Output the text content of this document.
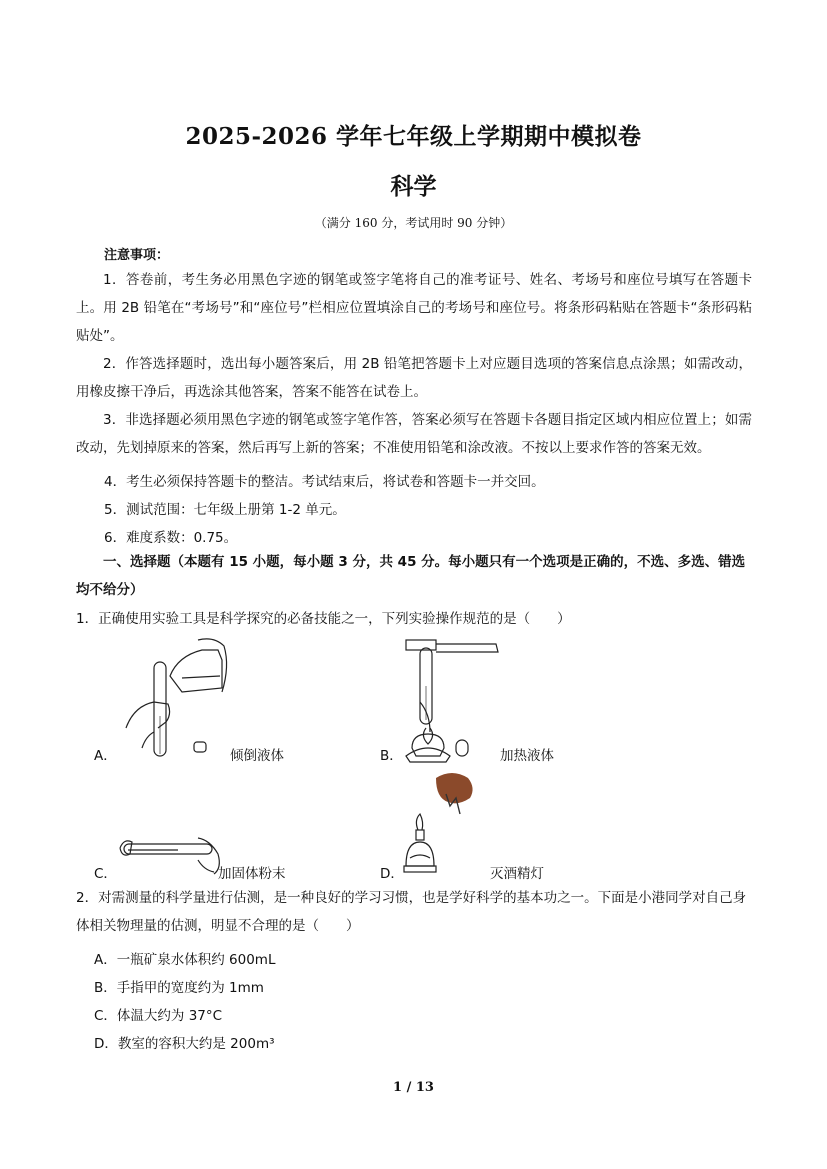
2025-2026 学年七年级上学期期中模拟卷
科学
（满分 160 分，考试用时 90 分钟）
注意事项：
1．答卷前，考生务必用黑色字迹的钢笔或签字笔将自己的准考证号、姓名、考场号和座位号填写在答题卡上。用 2B 铅笔在“考场号”和“座位号”栏相应位置填涂自己的考场号和座位号。将条形码粘贴在答题卡“条形码粘贴处”。
2．作答选择题时，选出每小题答案后，用 2B 铅笔把答题卡上对应题目选项的答案信息点涂黑；如需改动，用橡皮擦干净后，再选涂其他答案，答案不能答在试卷上。
3．非选择题必须用黑色字迹的钢笔或签字笔作答，答案必须写在答题卡各题目指定区域内相应位置上；如需改动，先划掉原来的答案，然后再写上新的答案；不准使用铅笔和涂改液。不按以上要求作答的答案无效。
4．考生必须保持答题卡的整洁。考试结束后，将试卷和答题卡一并交回。
5．测试范围：七年级上册第 1-2 单元。
6．难度系数：0.75。
一、选择题（本题有 15 小题，每小题 3 分，共 45 分。每小题只有一个选项是正确的，不选、多选、错选均不给分）
1．正确使用实验工具是科学探究的必备技能之一，下列实验操作规范的是（　　）
A．	倾倒液体	B．	加热液体
C．	加固体粉末	D．	灭酒精灯
2．对需测量的科学量进行估测，是一种良好的学习习惯，也是学好科学的基本功之一。下面是小港同学对自己身体相关物理量的估测，明显不合理的是（　　）
A．一瓶矿泉水体积约 600mL
B．手指甲的宽度约为 1mm
C．体温大约为 37°C
D．教室的容积大约是 200m³
1 / 13
